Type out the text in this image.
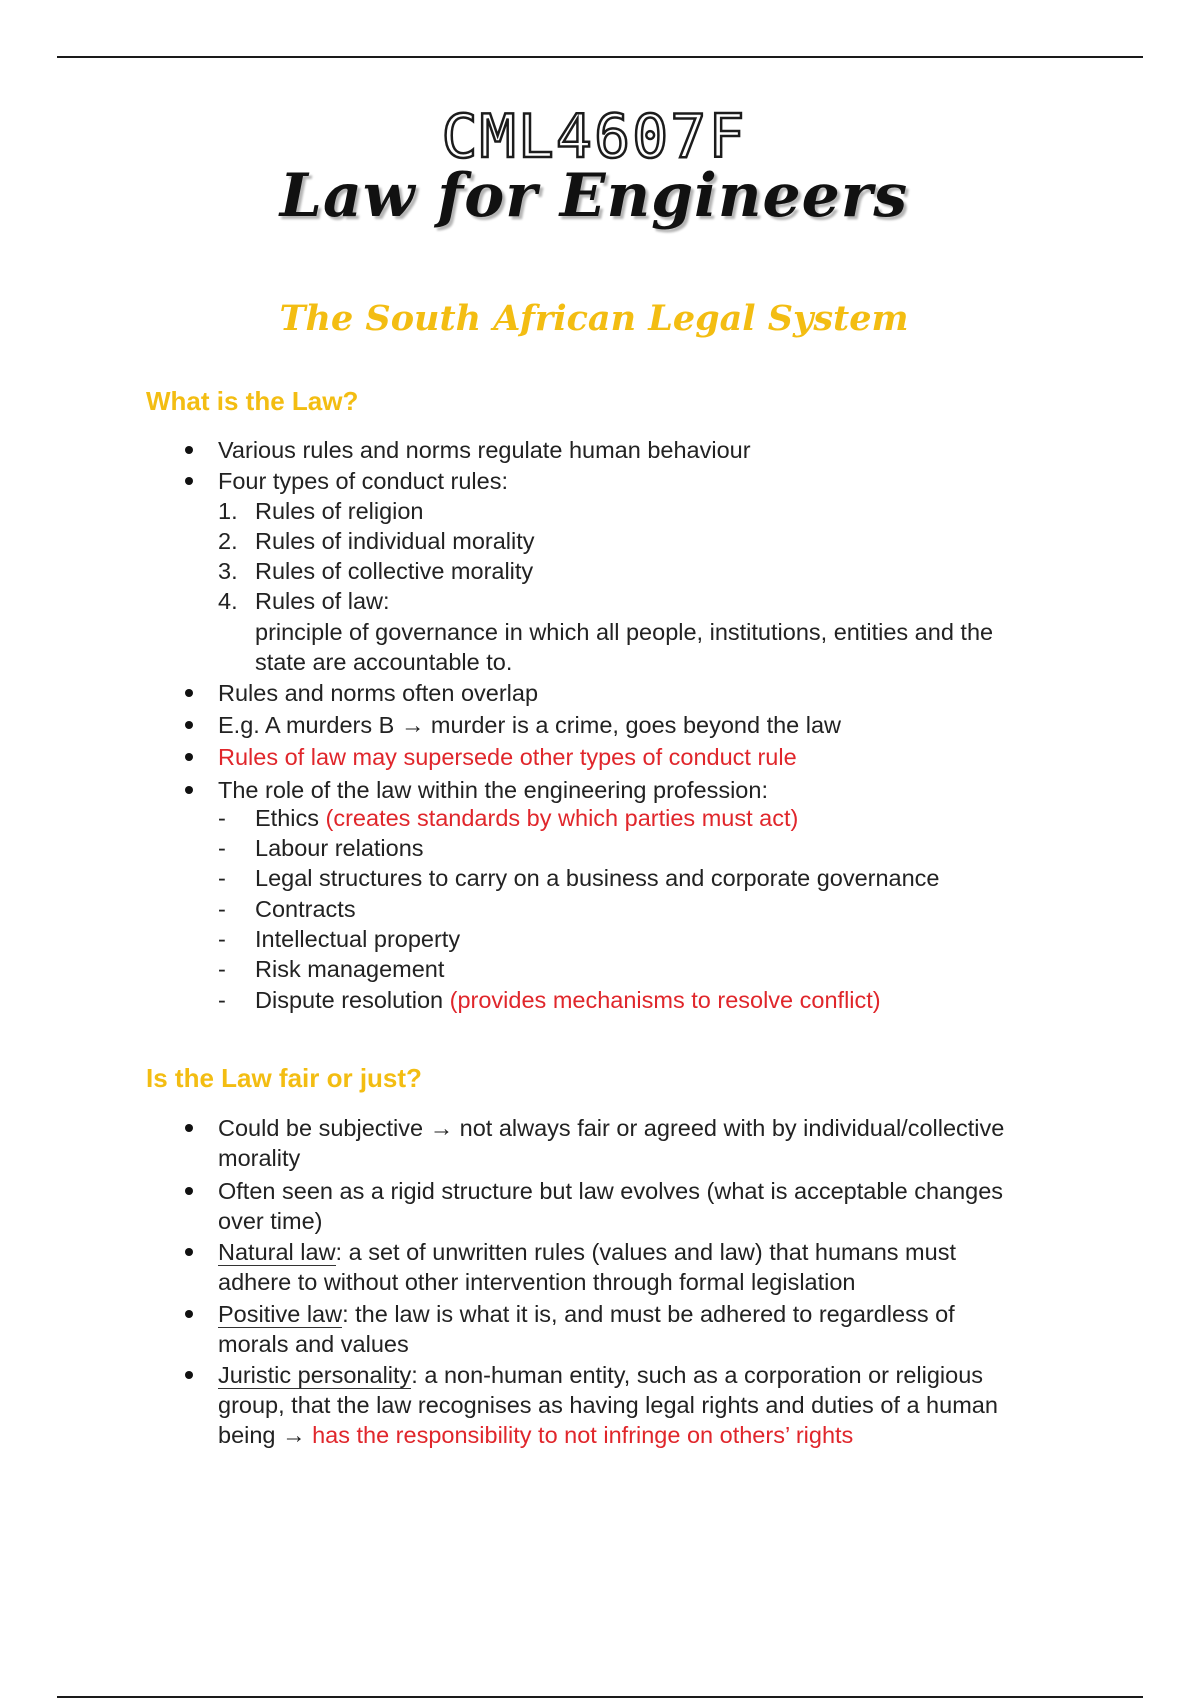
CML4607F
Law for Engineers
The South African Legal System
What is the Law?
Various rules and norms regulate human behaviour
Four types of conduct rules:
1. Rules of religion
2. Rules of individual morality
3. Rules of collective morality
4. Rules of law:
principle of governance in which all people, institutions, entities and the
state are accountable to.
Rules and norms often overlap
E.g. A murders B → murder is a crime, goes beyond the law
Rules of law may supersede other types of conduct rule
The role of the law within the engineering profession:
- Ethics (creates standards by which parties must act)
- Labour relations
- Legal structures to carry on a business and corporate governance
- Contracts
- Intellectual property
- Risk management
- Dispute resolution (provides mechanisms to resolve conflict)
Is the Law fair or just?
Could be subjective → not always fair or agreed with by individual/collective
morality
Often seen as a rigid structure but law evolves (what is acceptable changes
over time)
Natural law: a set of unwritten rules (values and law) that humans must
adhere to without other intervention through formal legislation
Positive law: the law is what it is, and must be adhered to regardless of
morals and values
Juristic personality: a non-human entity, such as a corporation or religious
group, that the law recognises as having legal rights and duties of a human
being → has the responsibility to not infringe on others’ rights
